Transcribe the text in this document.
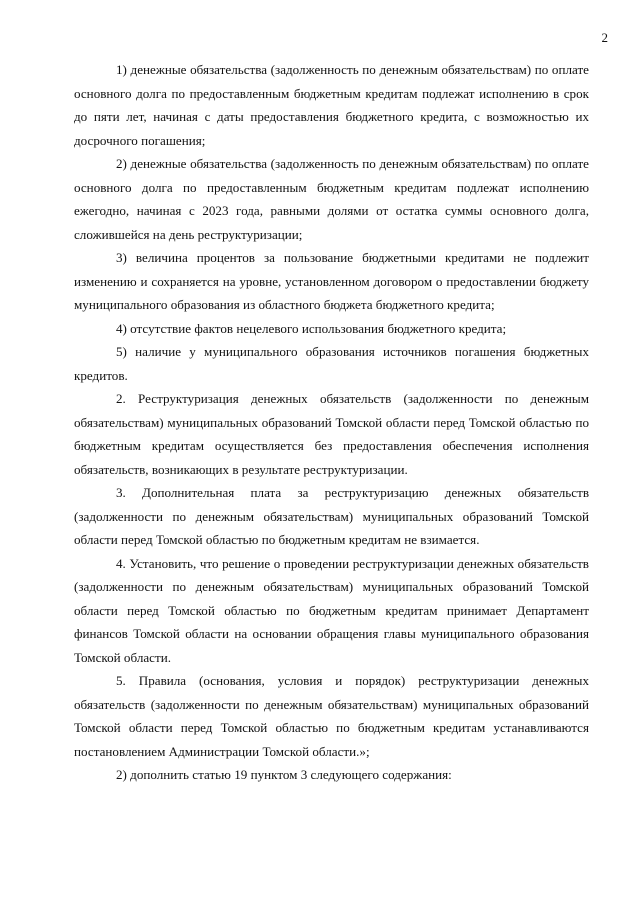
2

1) денежные обязательства (задолженность по денежным обязательствам) по оплате основного долга по предоставленным бюджетным кредитам подлежат исполнению в срок до пяти лет, начиная с даты предоставления бюджетного кредита, с возможностью их досрочного погашения;

2) денежные обязательства (задолженность по денежным обязательствам) по оплате основного долга по предоставленным бюджетным кредитам подлежат исполнению ежегодно, начиная с 2023 года, равными долями от остатка суммы основного долга, сложившейся на день реструктуризации;

3) величина процентов за пользование бюджетными кредитами не подлежит изменению и сохраняется на уровне, установленном договором о предоставлении бюджету муниципального образования из областного бюджета бюджетного кредита;

4) отсутствие фактов нецелевого использования бюджетного кредита;

5) наличие у муниципального образования источников погашения бюджетных кредитов.

2. Реструктуризация денежных обязательств (задолженности по денежным обязательствам) муниципальных образований Томской области перед Томской областью по бюджетным кредитам осуществляется без предоставления обеспечения исполнения обязательств, возникающих в результате реструктуризации.

3. Дополнительная плата за реструктуризацию денежных обязательств (задолженности по денежным обязательствам) муниципальных образований Томской области перед Томской областью по бюджетным кредитам не взимается.

4. Установить, что решение о проведении реструктуризации денежных обязательств (задолженности по денежным обязательствам) муниципальных образований Томской области перед Томской областью по бюджетным кредитам принимает Департамент финансов Томской области на основании обращения главы муниципального образования Томской области.

5. Правила (основания, условия и порядок) реструктуризации денежных обязательств (задолженности по денежным обязательствам) муниципальных образований Томской области перед Томской областью по бюджетным кредитам устанавливаются постановлением Администрации Томской области.»;

2) дополнить статью 19 пунктом 3 следующего содержания:
